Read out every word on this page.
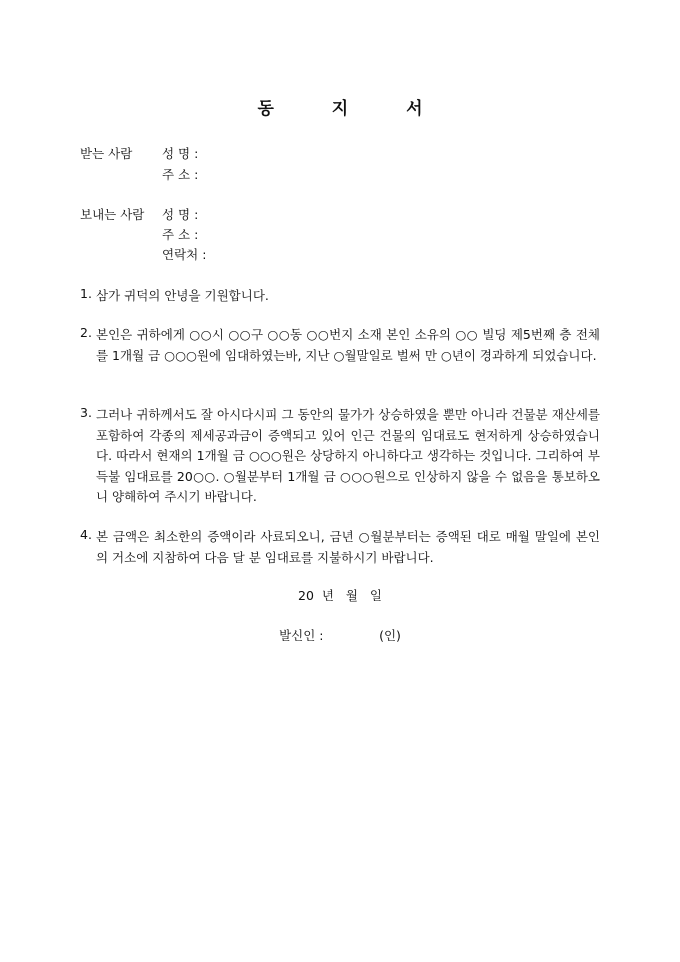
동 지 서
받는 사람 성 명 :
주 소 :
보내는 사람 성 명 :
주 소 :
연락처 :
1. 삼가 귀덕의 안녕을 기원합니다.
2. 본인은 귀하에게 ○○시 ○○구 ○○동 ○○번지 소재 본인 소유의 ○○ 빌딩 제5번째 층 전체를 1개월 금 ○○○원에 임대하였는바, 지난 ○월말일로 벌써 만 ○년이 경과하게 되었습니다.
3. 그러나 귀하께서도 잘 아시다시피 그 동안의 물가가 상승하였을 뿐만 아니라 건물분 재산세를 포함하여 각종의 제세공과금이 증액되고 있어 인근 건물의 임대료도 현저하게 상승하였습니다. 따라서 현재의 1개월 금 ○○○원은 상당하지 아니하다고 생각하는 것입니다. 그리하여 부득불 임대료를 20○○. ○월분부터 1개월 금 ○○○원으로 인상하지 않을 수 없음을 통보하오니 양해하여 주시기 바랍니다.
4. 본 금액은 최소한의 증액이라 사료되오니, 금년 ○월분부터는 증액된 대로 매월 말일에 본인의 거소에 지참하여 다음 달 분 임대료를 지불하시기 바랍니다.
20  년   월   일
발신인 :              (인)
